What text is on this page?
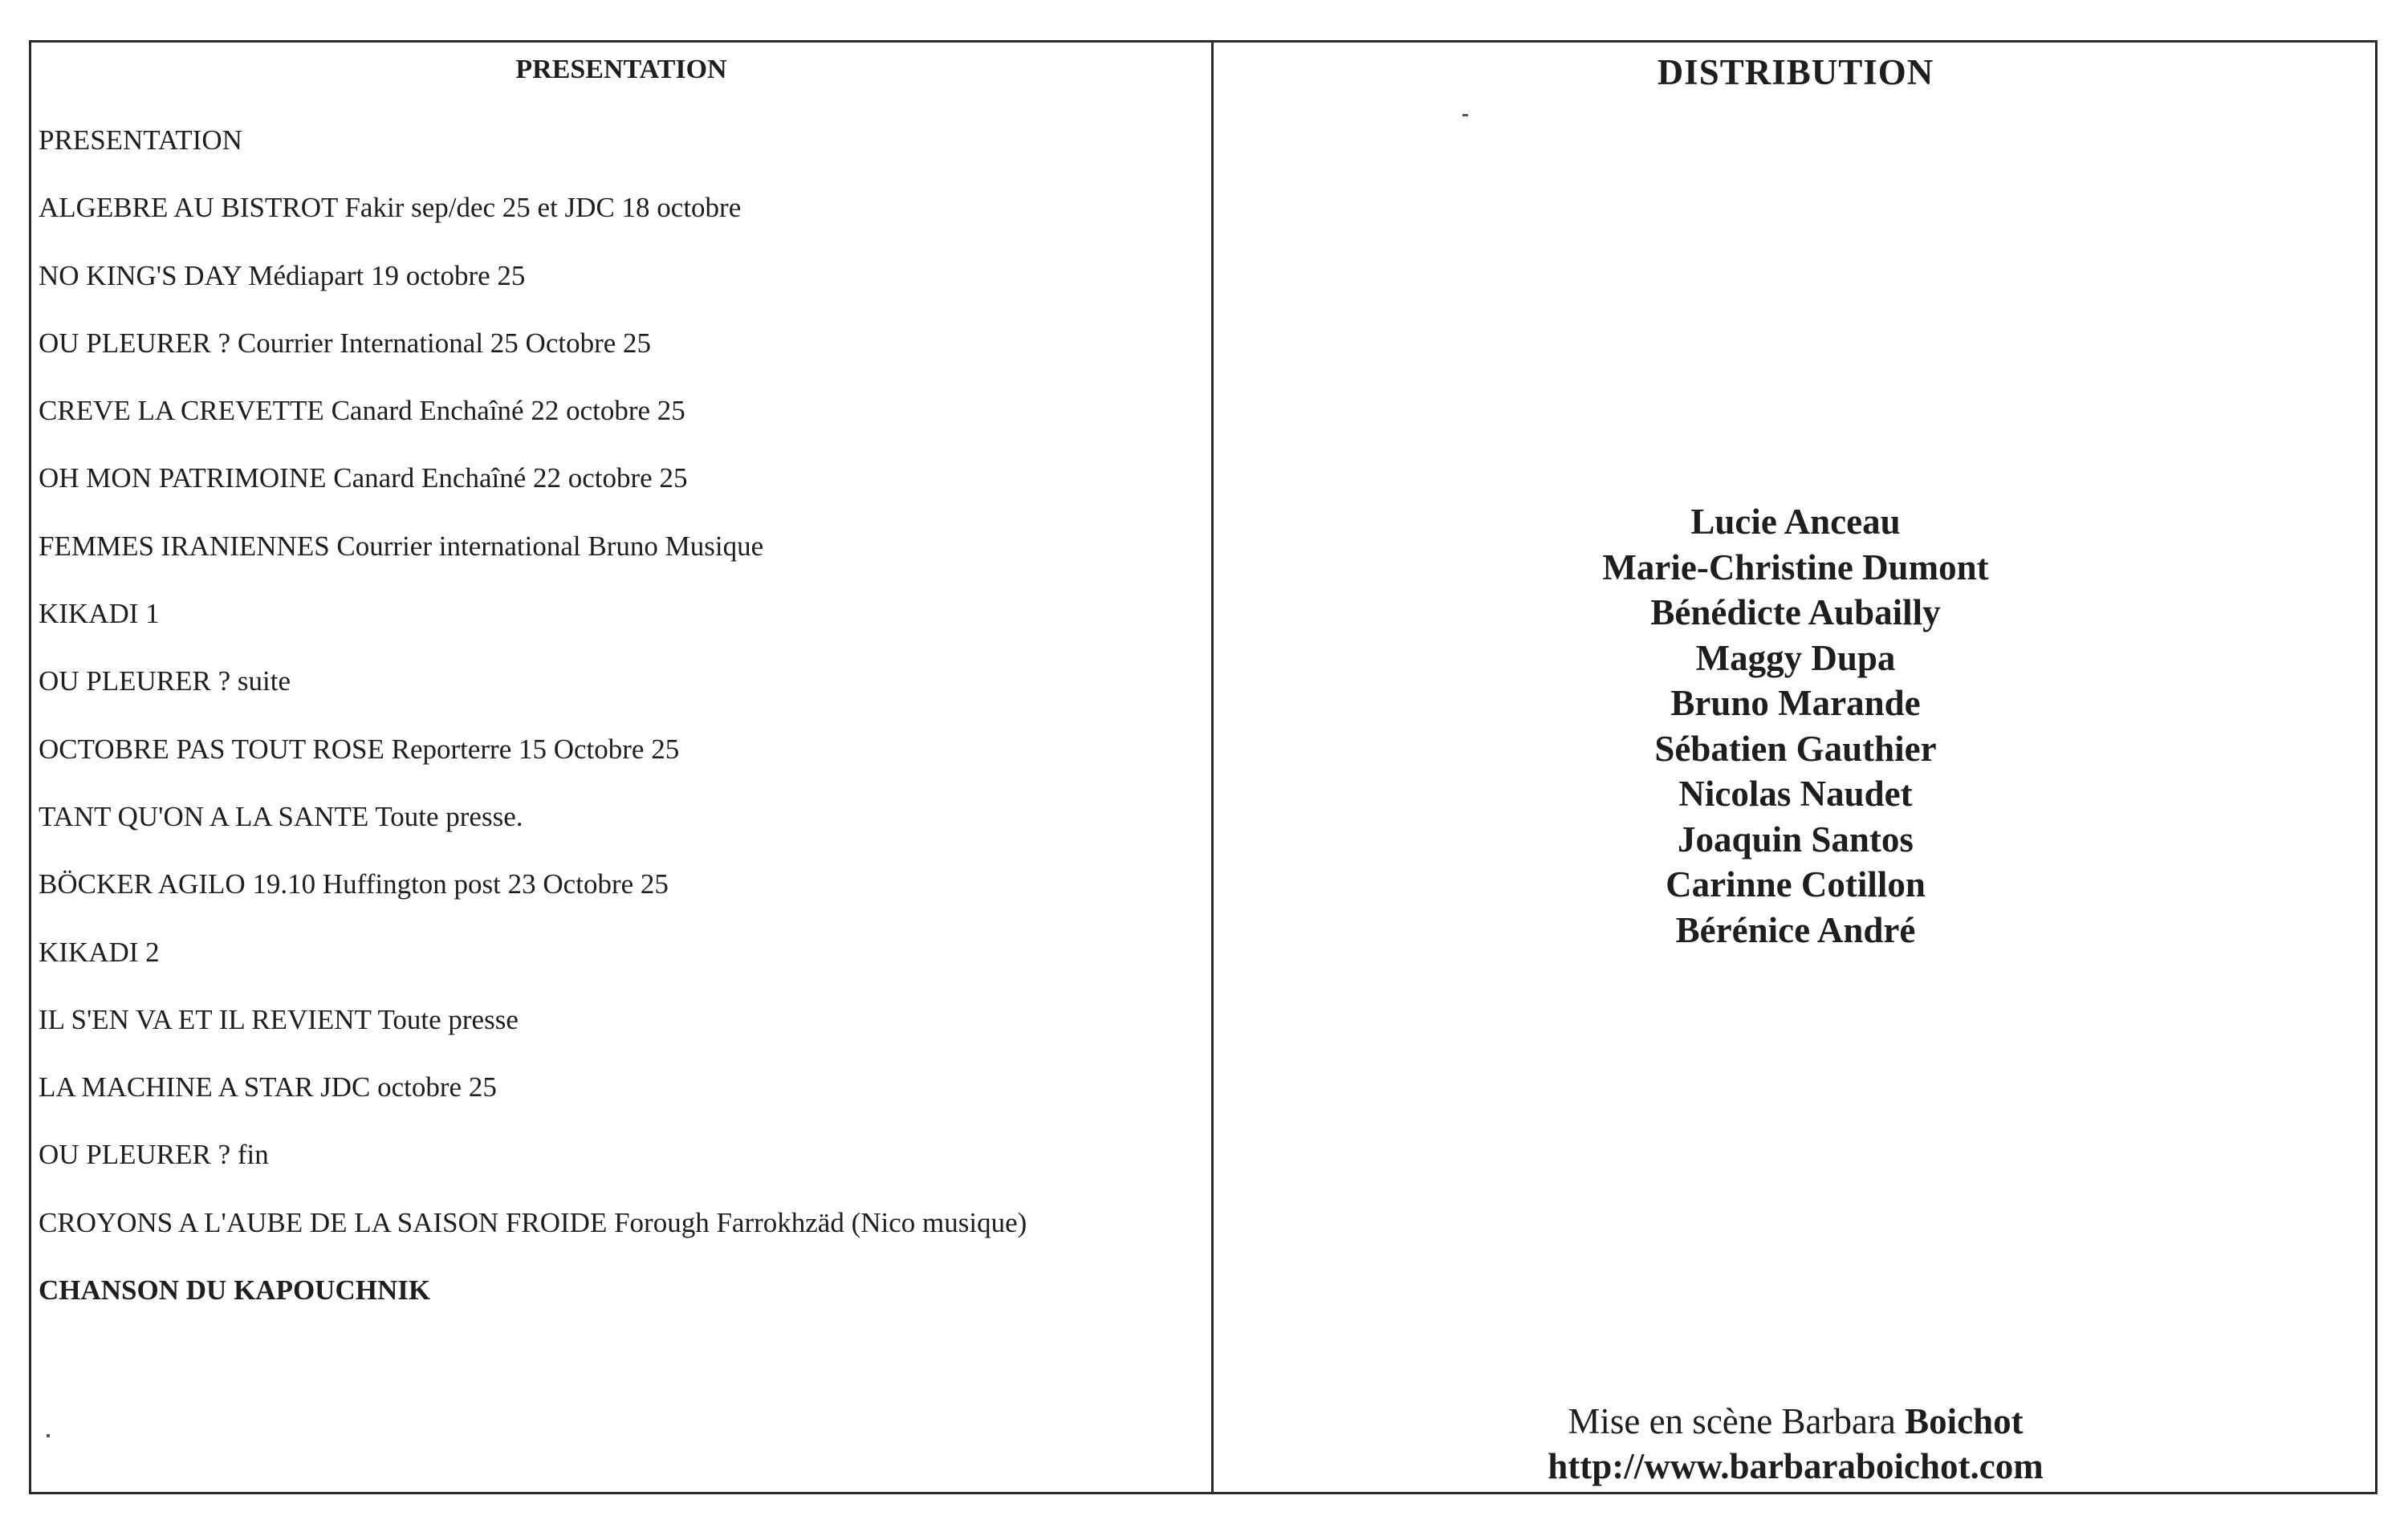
PRESENTATION
PRESENTATION
ALGEBRE AU BISTROT Fakir sep/dec 25 et JDC 18 octobre
NO KING'S DAY Médiapart 19 octobre 25
OU PLEURER ? Courrier International 25 Octobre 25
CREVE LA CREVETTE Canard Enchaîné 22 octobre 25
OH MON PATRIMOINE Canard Enchaîné 22 octobre 25
FEMMES IRANIENNES Courrier international Bruno Musique
KIKADI 1
OU PLEURER ? suite
OCTOBRE PAS TOUT ROSE Reporterre 15 Octobre 25
TANT QU'ON A LA SANTE Toute presse.
BÖCKER AGILO 19.10 Huffington post 23 Octobre 25
KIKADI 2
IL S'EN VA ET IL REVIENT Toute presse
LA MACHINE A STAR JDC octobre 25
OU PLEURER ? fin
CROYONS A L'AUBE DE LA SAISON FROIDE Forough Farrokhzäd (Nico musique)
CHANSON DU KAPOUCHNIK
DISTRIBUTION
Lucie Anceau
Marie-Christine Dumont
Bénédicte Aubailly
Maggy Dupa
Bruno Marande
Sébatien Gauthier
Nicolas Naudet
Joaquin Santos
Carinne Cotillon
Bérénice André
Mise en scène Barbara Boichot
http://www.barbaraboichot.com
